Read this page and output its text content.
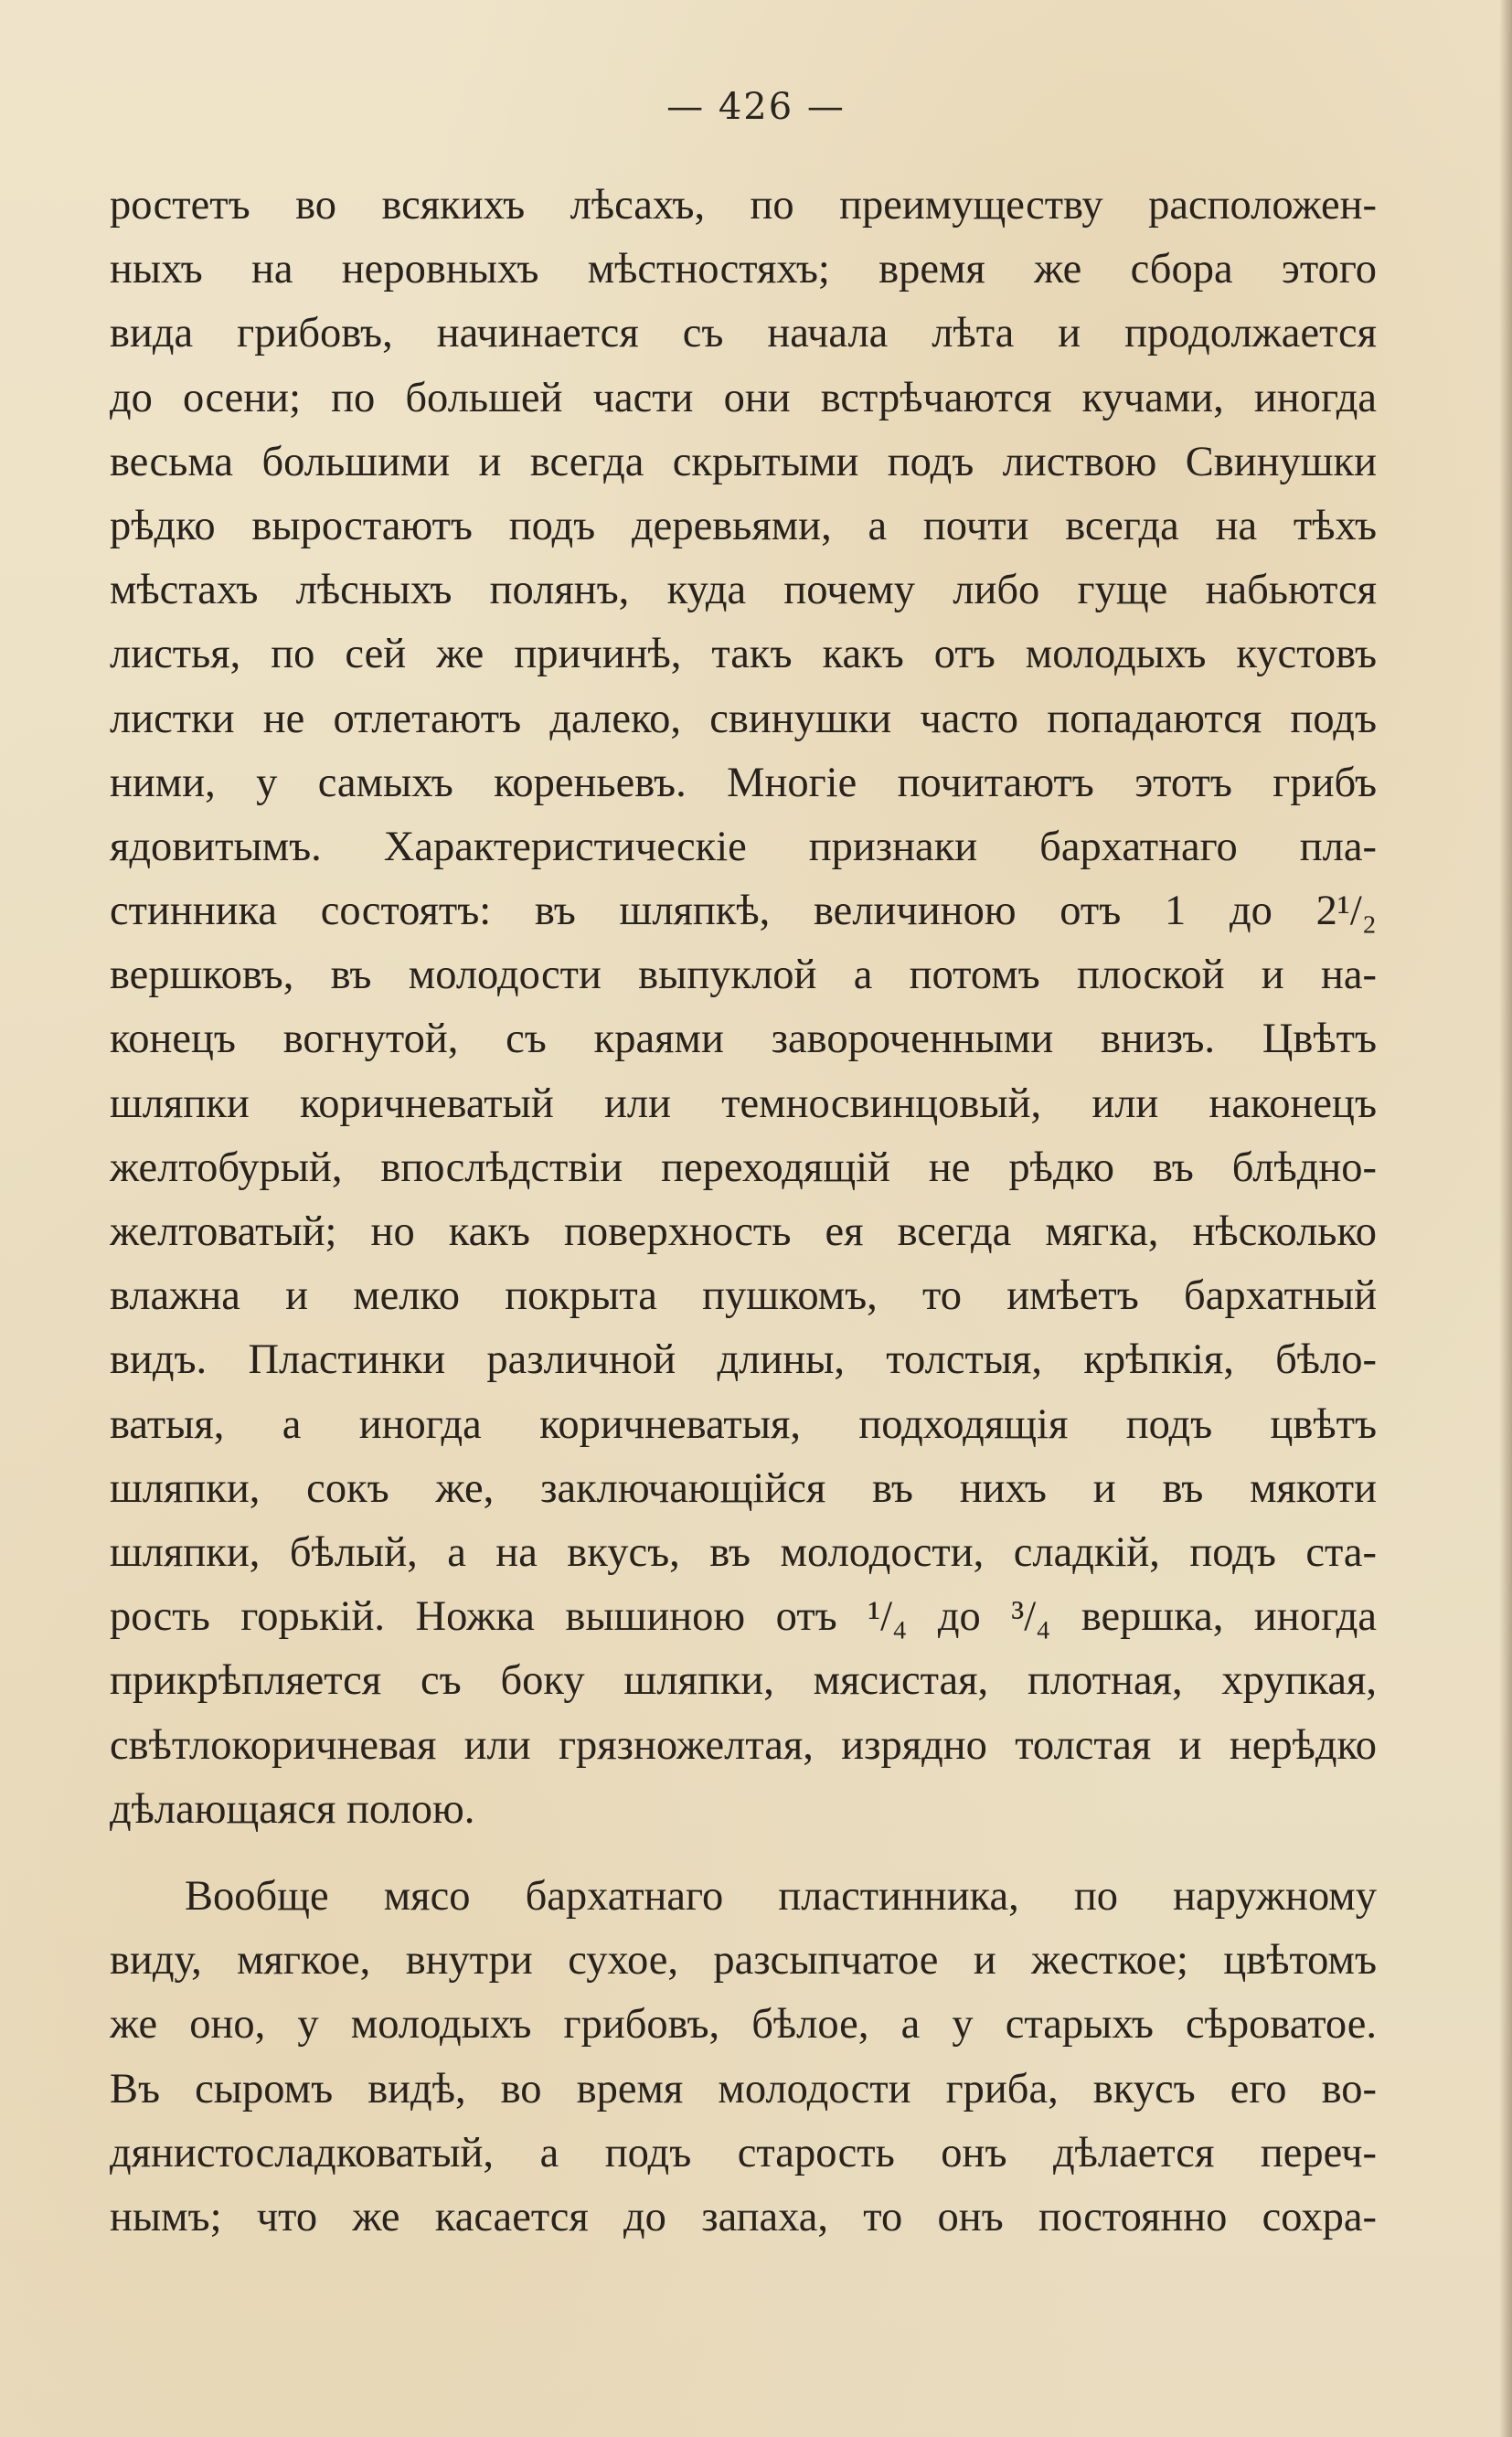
— 426 —
ростетъ во всякихъ лѣсахъ, по преимуществу расположен-
ныхъ на неровныхъ мѣстностяхъ; время же сбора этого
вида грибовъ, начинается съ начала лѣта и продолжается
до осени; по большей части они встрѣчаются кучами, иногда
весьма большими и всегда скрытыми подъ листвою Свинушки
рѣдко выростаютъ подъ деревьями, а почти всегда на тѣхъ
мѣстахъ лѣсныхъ полянъ, куда почему либо гуще набьются
листья, по сей же причинѣ, такъ какъ отъ молодыхъ кустовъ
листки не отлетаютъ далеко, свинушки часто попадаются подъ
ними, у самыхъ кореньевъ. Многіе почитаютъ этотъ грибъ
ядовитымъ. Характеристическіе признаки бархатнаго пла-
стинника состоятъ: въ шляпкѣ, величиною отъ 1 до 2¹/₂
вершковъ, въ молодости выпуклой а потомъ плоской и на-
конецъ вогнутой, съ краями завороченными внизъ. Цвѣтъ
шляпки коричневатый или темносвинцовый, или наконецъ
желтобурый, впослѣдствіи переходящій не рѣдко въ блѣдно-
желтоватый; но какъ поверхность ея всегда мягка, нѣсколько
влажна и мелко покрыта пушкомъ, то имѣетъ бархатный
видъ. Пластинки различной длины, толстыя, крѣпкія, бѣло-
ватыя, а иногда коричневатыя, подходящія подъ цвѣтъ
шляпки, сокъ же, заключающійся въ нихъ и въ мякоти
шляпки, бѣлый, а на вкусъ, въ молодости, сладкій, подъ ста-
рость горькій. Ножка вышиною отъ ¹/₄ до ³/₄ вершка, иногда
прикрѣпляется съ боку шляпки, мясистая, плотная, хрупкая,
свѣтлокоричневая или грязножелтая, изрядно толстая и нерѣдко
дѣлающаяся полою.
Вообще мясо бархатнаго пластинника, по наружному
виду, мягкое, внутри сухое, разсыпчатое и жесткое; цвѣтомъ
же оно, у молодыхъ грибовъ, бѣлое, а у старыхъ сѣроватое.
Въ сыромъ видѣ, во время молодости гриба, вкусъ его во-
дянистосладковатый, а подъ старость онъ дѣлается переч-
нымъ; что же касается до запаха, то онъ постоянно сохра-
